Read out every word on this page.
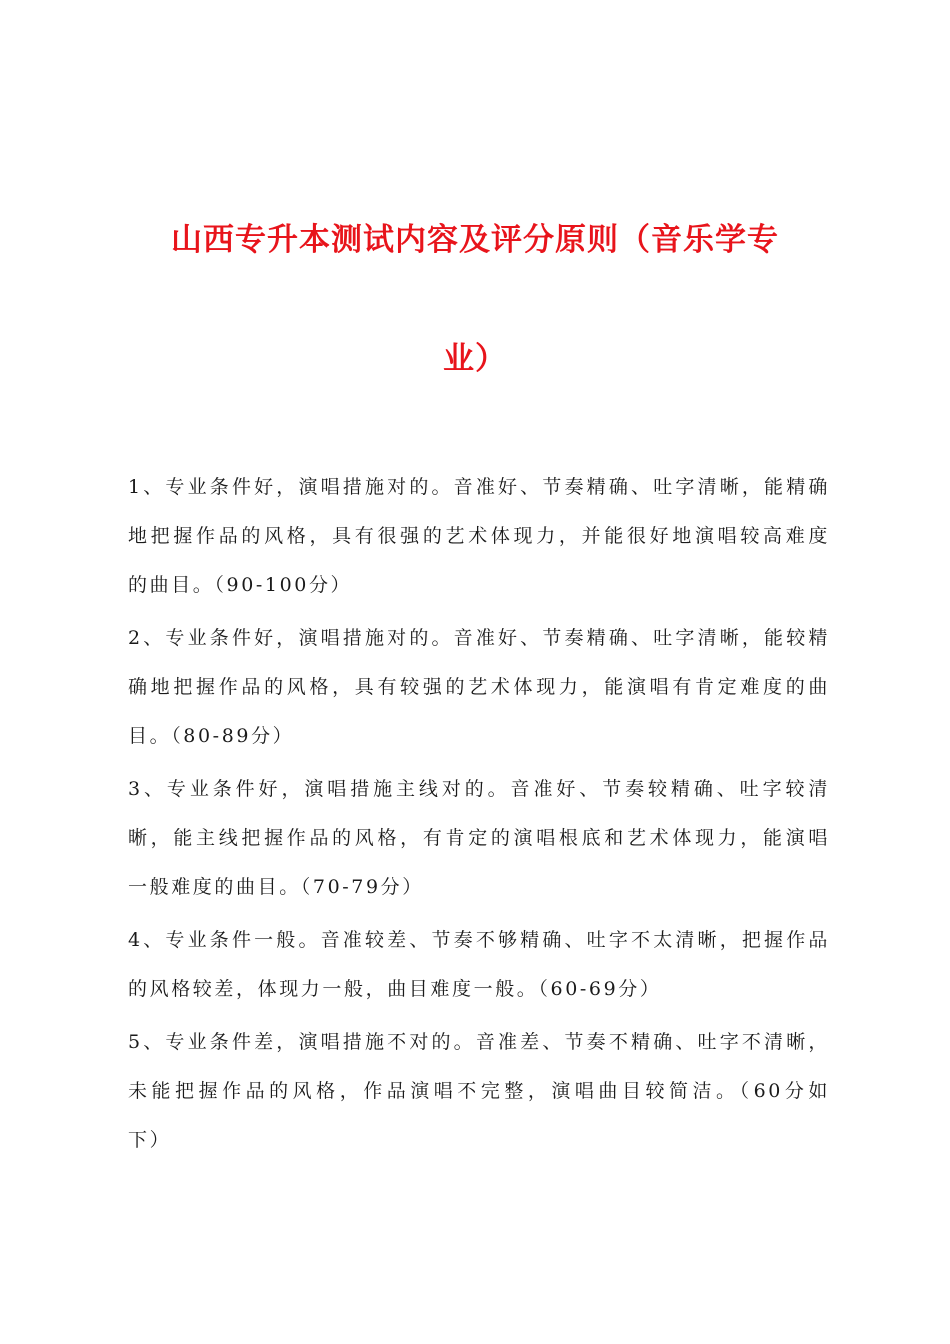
山西专升本测试内容及评分原则（音乐学专
业）
1、专业条件好，演唱措施对的。音准好、节奏精确、吐字清晰，能精确
地把握作品的风格，具有很强的艺术体现力，并能很好地演唱较高难度
的曲目。（90-100分）
2、专业条件好，演唱措施对的。音准好、节奏精确、吐字清晰，能较精
确地把握作品的风格，具有较强的艺术体现力，能演唱有肯定难度的曲
目。（80-89分）
3、专业条件好，演唱措施主线对的。音准好、节奏较精确、吐字较清
晰，能主线把握作品的风格，有肯定的演唱根底和艺术体现力，能演唱
一般难度的曲目。（70-79分）
4、专业条件一般。音准较差、节奏不够精确、吐字不太清晰，把握作品
的风格较差，体现力一般，曲目难度一般。（60-69分）
5、专业条件差，演唱措施不对的。音准差、节奏不精确、吐字不清晰，
未能把握作品的风格，作品演唱不完整，演唱曲目较简洁。（60分如
下）
